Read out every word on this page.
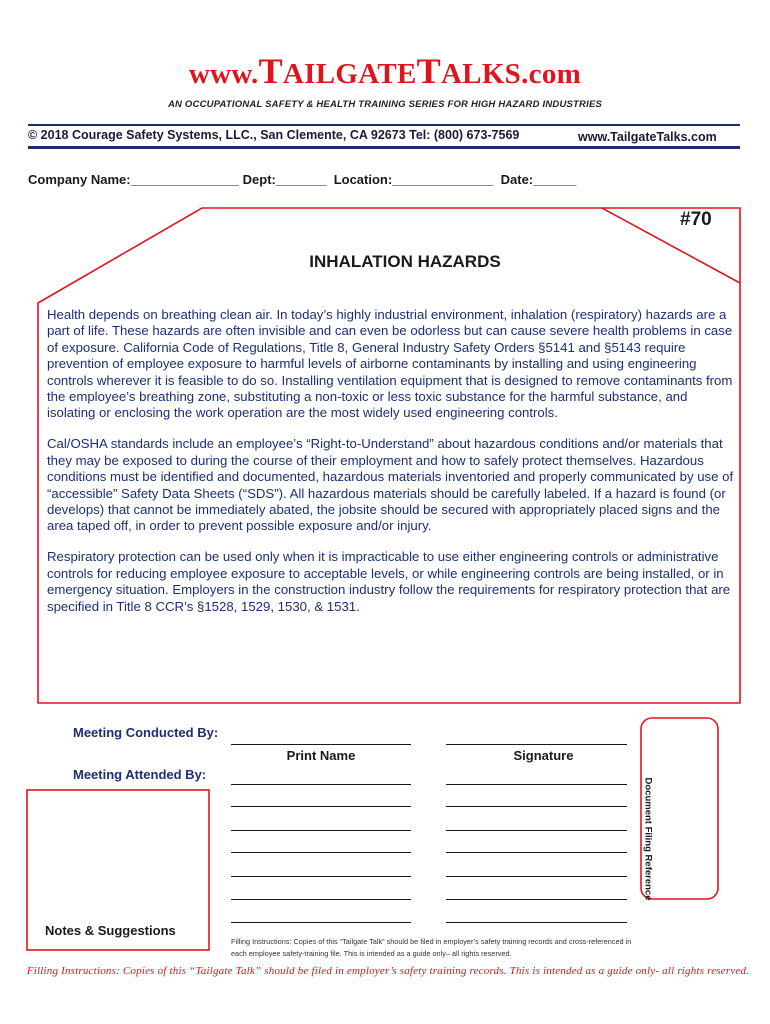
www.TAILGATETALKS.com
AN OCCUPATIONAL SAFETY & HEALTH TRAINING SERIES FOR HIGH HAZARD INDUSTRIES
© 2018 Courage Safety Systems, LLC., San Clemente, CA 92673 Tel: (800) 673-7569	www.TailgateTalks.com
Company Name:_______________ Dept:_______  Location:______________  Date:______
#70
INHALATION HAZARDS

Health depends on breathing clean air. In today’s highly industrial environment, inhalation (respiratory) hazards are a part of life. These hazards are often invisible and can even be odorless but can cause severe health problems in case of exposure. California Code of Regulations, Title 8, General Industry Safety Orders §5141 and §5143 require prevention of employee exposure to harmful levels of airborne contaminants by installing and using engineering controls wherever it is feasible to do so. Installing ventilation equipment that is designed to remove contaminants from the employee’s breathing zone, substituting a non-toxic or less toxic substance for the harmful substance, and isolating or enclosing the work operation are the most widely used engineering controls.

Cal/OSHA standards include an employee’s “Right-to-Understand” about hazardous conditions and/or materials that they may be exposed to during the course of their employment and how to safely protect themselves. Hazardous conditions must be identified and documented, hazardous materials inventoried and properly communicated by use of “accessible” Safety Data Sheets (“SDS”). All hazardous materials should be carefully labeled. If a hazard is found (or develops) that cannot be immediately abated, the jobsite should be secured with appropriately placed signs and the area taped off, in order to prevent possible exposure and/or injury.

Respiratory protection can be used only when it is impracticable to use either engineering controls or administrative controls for reducing employee exposure to acceptable levels, or while engineering controls are being installed, or in emergency situation. Employers in the construction industry follow the requirements for respiratory protection that are specified in Title 8 CCR’s §1528, 1529, 1530, & 1531.

Meeting Conducted By:
Meeting Attended By:
Print Name	Signature
Document Filing Reference
Notes & Suggestions
Filling Instructions: Copies of this “Tailgate Talk” should be filed in employer’s safety training records and cross-referenced in each employee safety-training file. This is intended as a guide only– all rights reserved.
Filling Instructions: Copies of this “Tailgate Talk” should be filed in employer’s safety training records. This is intended as a guide only- all rights reserved.
